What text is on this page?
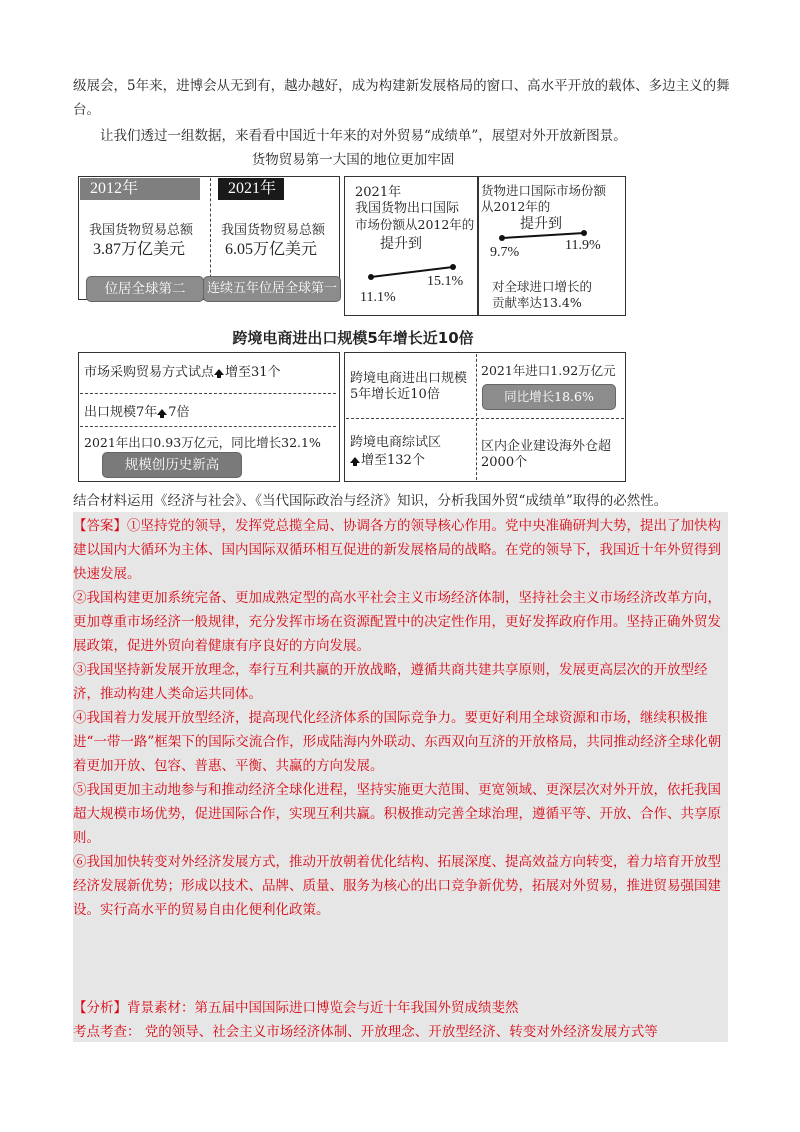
级展会，5年来，进博会从无到有，越办越好，成为构建新发展格局的窗口、高水平开放的载体、多边主义的舞台。
让我们透过一组数据，来看看中国近十年来的对外贸易“成绩单”，展望对外开放新图景。
货物贸易第一大国的地位更加牢固
2012年	2021年
我国货物贸易总额
3.87万亿美元
位居全球第二
我国货物贸易总额
6.05万亿美元
连续五年位居全球第一
2021年
我国货物出口国际
市场份额从2012年的
提升到
11.1%
15.1%
货物进口国际市场份额
从2012年的
提升到
9.7%	11.9%
对全球进口增长的
贡献率达13.4%
跨境电商进出口规模5年增长近10倍
市场采购贸易方式试点 增至31个
出口规模7年 7倍
2021年出口0.93万亿元，同比增长32.1%
规模创历史新高
跨境电商进出口规模
5年增长近10倍
2021年进口1.92万亿元
同比增长18.6%
跨境电商综试区
增至132个
区内企业建设海外仓超
2000个
结合材料运用《经济与社会》、《当代国际政治与经济》知识，分析我国外贸“成绩单”取得的必然性。

【答案】①坚持党的领导，发挥党总揽全局、协调各方的领导核心作用。党中央准确研判大势，提出了加快构建以国内大循环为主体、国内国际双循环相互促进的新发展格局的战略。在党的领导下，我国近十年外贸得到快速发展。

②我国构建更加系统完备、更加成熟定型的高水平社会主义市场经济体制，坚持社会主义市场经济改革方向，更加尊重市场经济一般规律，充分发挥市场在资源配置中的决定性作用，更好发挥政府作用。坚持正确外贸发展政策，促进外贸向着健康有序良好的方向发展。

③我国坚持新发展开放理念，奉行互利共赢的开放战略，遵循共商共建共享原则，发展更高层次的开放型经济，推动构建人类命运共同体。

④我国着力发展开放型经济，提高现代化经济体系的国际竞争力。要更好利用全球资源和市场，继续积极推进“一带一路”框架下的国际交流合作，形成陆海内外联动、东西双向互济的开放格局，共同推动经济全球化朝着更加开放、包容、普惠、平衡、共赢的方向发展。

⑤我国更加主动地参与和推动经济全球化进程，坚持实施更大范围、更宽领域、更深层次对外开放，依托我国超大规模市场优势，促进国际合作，实现互利共赢。积极推动完善全球治理，遵循平等、开放、合作、共享原则。

⑥我国加快转变对外经济发展方式，推动开放朝着优化结构、拓展深度、提高效益方向转变，着力培育开放型经济发展新优势；形成以技术、品牌、质量、服务为核心的出口竞争新优势，拓展对外贸易，推进贸易强国建设。实行高水平的贸易自由化便利化政策。

【分析】背景素材：第五届中国国际进口博览会与近十年我国外贸成绩斐然
考点考查： 党的领导、社会主义市场经济体制、开放理念、开放型经济、转变对外经济发展方式等
